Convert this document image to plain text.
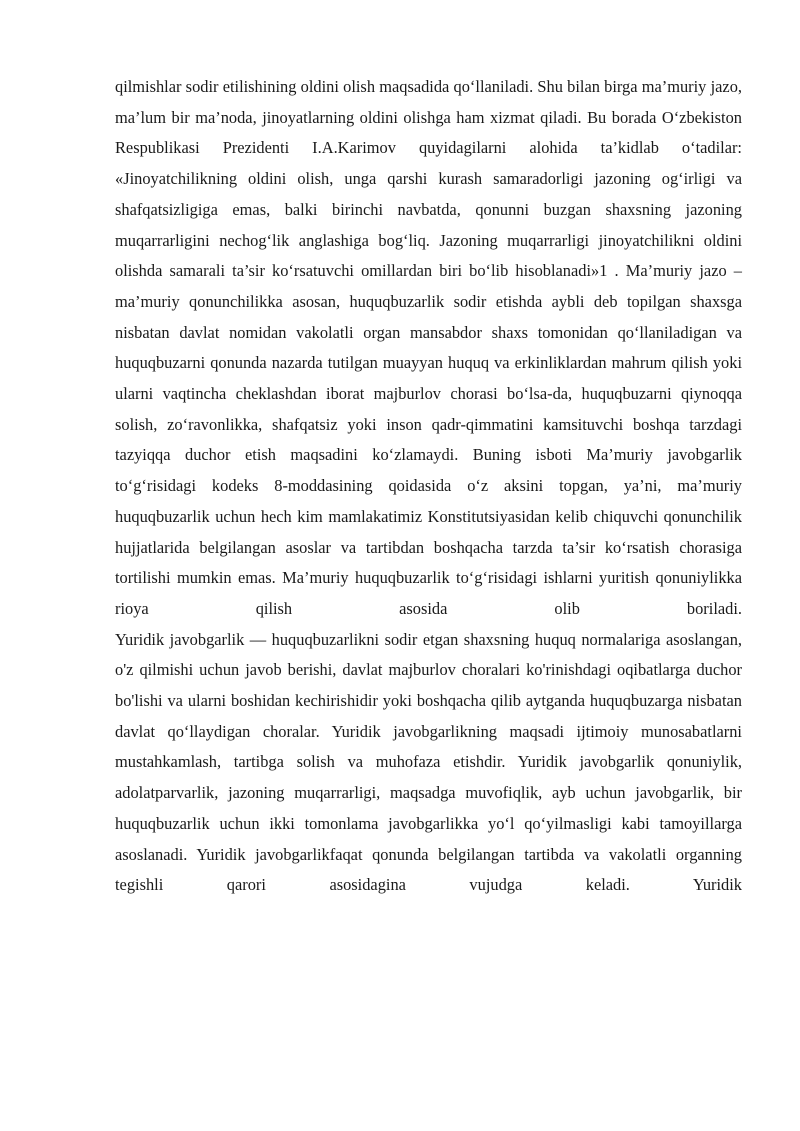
qilmishlar sodir etilishining oldini olish maqsadida qo‘llaniladi. Shu bilan birga ma’muriy jazo, ma’lum bir ma’noda, jinoyatlarning oldini olishga ham xizmat qiladi. Bu borada O‘zbekiston Respublikasi Prezidenti I.A.Karimov quyidagilarni alohida ta’kidlab o‘tadilar: «Jinoyatchilikning oldini olish, unga qarshi kurash samaradorligi jazoning og‘irligi va shafqatsizligiga emas, balki birinchi navbatda, qonunni buzgan shaxsning jazoning muqarrarligini nechog‘lik anglashiga bog‘liq. Jazoning muqarrarligi jinoyatchilikni oldini olishda samarali ta’sir ko‘rsatuvchi omillardan biri bo‘lib hisoblanadi»1 . Ma’muriy jazo – ma’muriy qonunchilikka asosan, huquqbuzarlik sodir etishda aybli deb topilgan shaxsga nisbatan davlat nomidan vakolatli organ mansabdor shaxs tomonidan qo‘llaniladigan va huquqbuzarni qonunda nazarda tutilgan muayyan huquq va erkinliklardan mahrum qilish yoki ularni vaqtincha cheklashdan iborat majburlov chorasi bo‘lsa-da, huquqbuzarni qiynoqqa solish, zo‘ravonlikka, shafqatsiz yoki inson qadr-qimmatini kamsituvchi boshqa tarzdagi tazyiqqa duchor etish maqsadini ko‘zlamaydi. Buning isboti Ma’muriy javobgarlik to‘g‘risidagi kodeks 8-moddasining qoidasida o‘z aksini topgan, ya’ni, ma’muriy huquqbuzarlik uchun hech kim mamlakatimiz Konstitutsiyasidan kelib chiquvchi qonunchilik hujjatlarida belgilangan asoslar va tartibdan boshqacha tarzda ta’sir ko‘rsatish chorasiga tortilishi mumkin emas. Ma’muriy huquqbuzarlik to‘g‘risidagi ishlarni yuritish qonuniylikka rioya qilish asosida olib boriladi.

Yuridik javobgarlik — huquqbuzarlikni sodir etgan shaxsning huquq normalariga asoslangan, o'z qilmishi uchun javob berishi, davlat majburlov choralari ko'rinishdagi oqibatlarga duchor bo'lishi va ularni boshidan kechirishidir yoki boshqacha qilib aytganda huquqbuzarga nisbatan davlat qo‘llaydigan choralar. Yuridik javobgarlikning maqsadi ijtimoiy munosabatlarni mustahkamlash, tartibga solish va muhofaza etishdir. Yuridik javobgarlik qonuniylik, adolatparvarlik, jazoning muqarrarligi, maqsadga muvofiqlik, ayb uchun javobgarlik, bir huquqbuzarlik uchun ikki tomonlama javobgarlikka yo‘l qo‘yilmasligi kabi tamoyillarga asoslanadi. Yuridik javobgarlikfaqat qonunda belgilangan tartibda va vakolatli organning tegishli qarori asosidagina vujudga keladi. Yuridik
